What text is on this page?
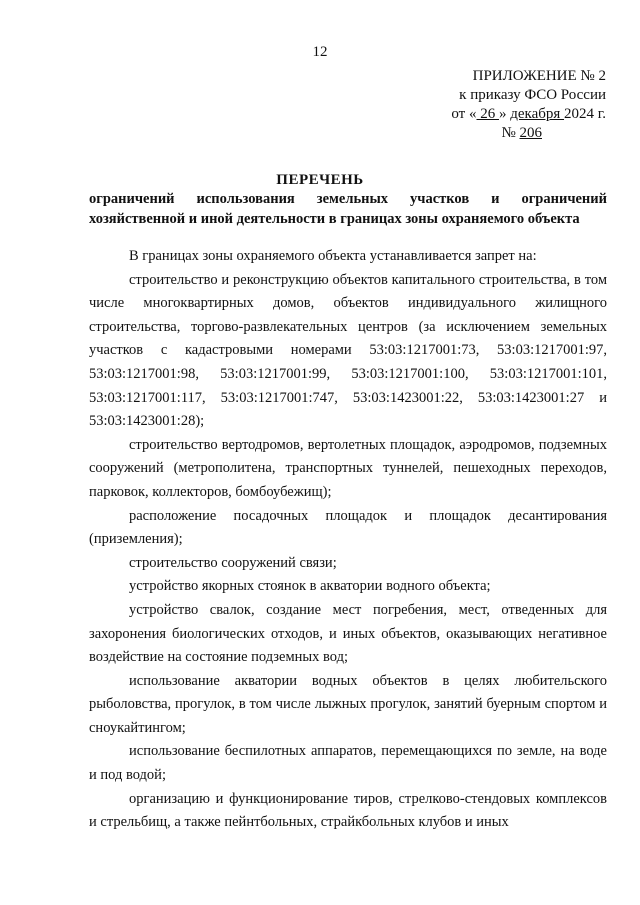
12
ПРИЛОЖЕНИЕ № 2
к приказу ФСО России
от « 26 » декабря 2024 г.
№ 206
ПЕРЕЧЕНЬ
ограничений использования земельных участков и ограничений
хозяйственной и иной деятельности в границах зоны охраняемого объекта

В границах зоны охраняемого объекта устанавливается запрет на:

строительство и реконструкцию объектов капитального строительства, в том числе многоквартирных домов, объектов индивидуального жилищного строительства, торгово-развлекательных центров (за исключением земельных участков с кадастровыми номерами 53:03:1217001:73, 53:03:1217001:97, 53:03:1217001:98, 53:03:1217001:99, 53:03:1217001:100, 53:03:1217001:101, 53:03:1217001:117, 53:03:1217001:747, 53:03:1423001:22, 53:03:1423001:27 и 53:03:1423001:28);

строительство вертодромов, вертолетных площадок, аэродромов, подземных сооружений (метрополитена, транспортных туннелей, пешеходных переходов, парковок, коллекторов, бомбоубежищ);

расположение посадочных площадок и площадок десантирования (приземления);

строительство сооружений связи;

устройство якорных стоянок в акватории водного объекта;

устройство свалок, создание мест погребения, мест, отведенных для захоронения биологических отходов, и иных объектов, оказывающих негативное воздействие на состояние подземных вод;

использование акватории водных объектов в целях любительского рыболовства, прогулок, в том числе лыжных прогулок, занятий буерным спортом и сноукайтингом;

использование беспилотных аппаратов, перемещающихся по земле, на воде и под водой;

организацию и функционирование тиров, стрелково-стендовых комплексов и стрельбищ, а также пейнтбольных, страйкбольных клубов и иных
